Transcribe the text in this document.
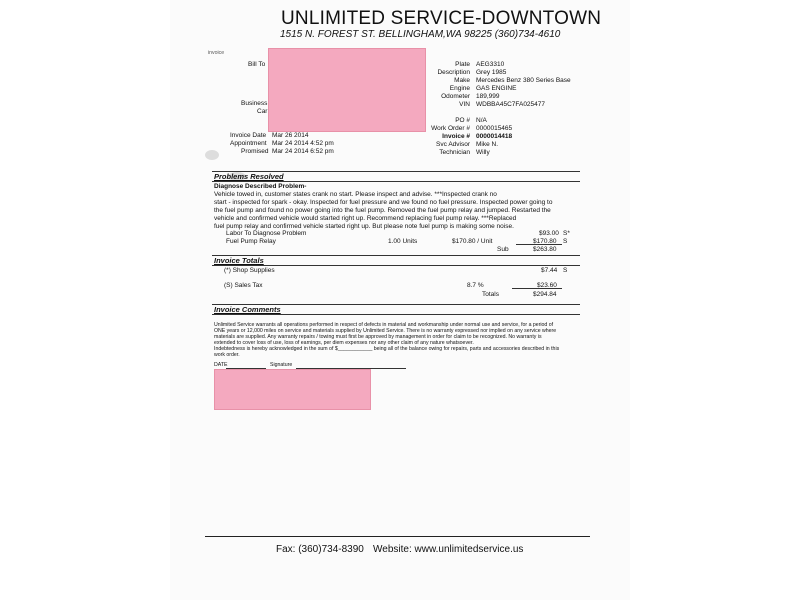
UNLIMITED SERVICE-DOWNTOWN
1515 N. FOREST ST. BELLINGHAM,WA 98225 (360)734-4610
invoice
Bill To
Business
Car
Plate AEG3310
Description Grey 1985
Make Mercedes Benz 380 Series Base
Engine GAS ENGINE
Odometer 189,999
VIN WDBBA45C7FA025477
PO # N/A
Work Order # 0000015465
Invoice # 0000014418
Svc Advisor Mike N.
Technician Willy
Invoice Date Mar 26 2014
Appointment Mar 24 2014 4:52 pm
Promised Mar 24 2014 6:52 pm
Problems Resolved
Diagnose Described Problem-
Vehicle towed in, customer states crank no start. Please inspect and advise. ***Inspected crank no
start - inspected for spark - okay. Inspected for fuel pressure and we found no fuel pressure. Inspected power going to
the fuel pump and found no power going into the fuel pump. Removed the fuel pump relay and jumped. Restarted the
vehicle and confirmed vehicle would started right up. Recommend replacing fuel pump relay. ***Replaced
fuel pump relay and confirmed vehicle started right up. But please note fuel pump is making some noise.
Labor To Diagnose Problem	$93.00 S*
Fuel Pump Relay	1.00 Units	$170.80 / Unit	$170.80 S
Sub	$263.80
Invoice Totals
(*) Shop Supplies	$7.44 S
(S) Sales Tax	8.7 %	$23.60
Totals	$294.84
Invoice Comments
Unlimited Service warrants all operations performed in respect of defects in material and workmanship under normal use and service, for a period of
ONE years or 12,000 miles on service and materials supplied by Unlimited Service. There is no warranty expressed nor implied on any service where
materials are supplied. Any warranty repairs / towing must first be approved by management in order for claim to be recognized. No warranty is
extended to cover loss of use, loss of earnings, per diem expenses nor any other claim of any nature whatsoever.
Indebtedness is hereby acknowledged in the sum of $____________ being all of the balance owing for repairs, parts and accessories described in this
work order.
DATE	Signature
Fax: (360)734-8390 Website: www.unlimitedservice.us
